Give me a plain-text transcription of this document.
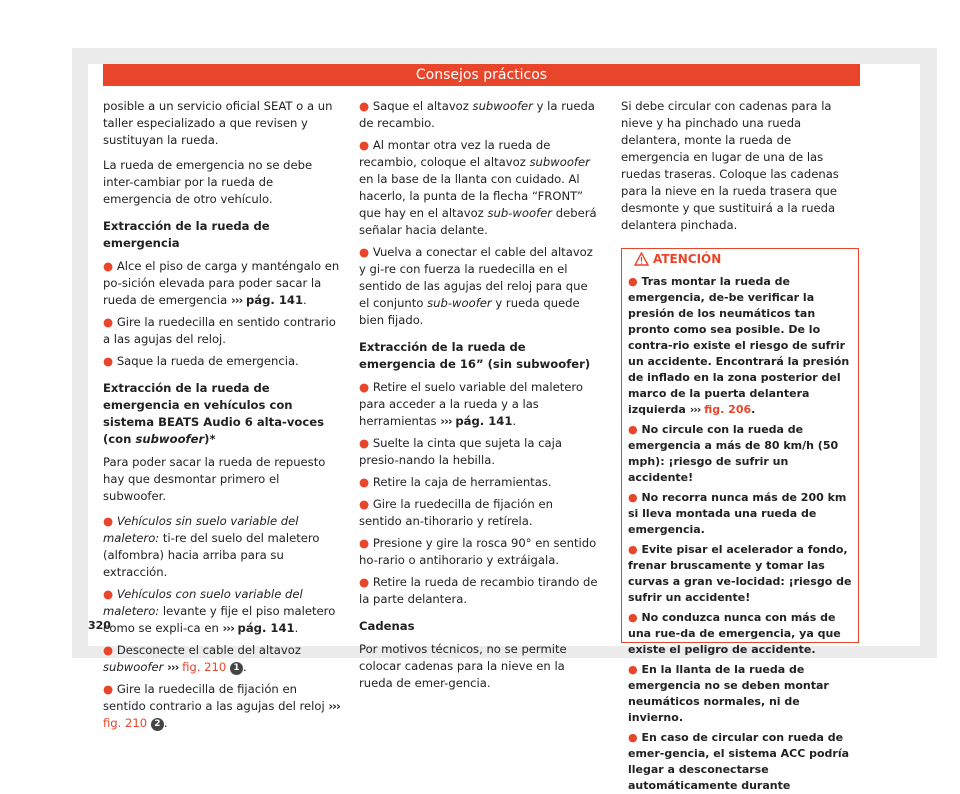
Consejos prácticos

posible a un servicio oficial SEAT o a un taller especializado a que revisen y sustituyan la rueda.

La rueda de emergencia no se debe inter-cambiar por la rueda de emergencia de otro vehículo.

Extracción de la rueda de emergencia

● Alce el piso de carga y manténgalo en po-sición elevada para poder sacar la rueda de emergencia ››› pág. 141.

● Gire la ruedecilla en sentido contrario a las agujas del reloj.

● Saque la rueda de emergencia.

Extracción de la rueda de emergencia en vehículos con sistema BEATS Audio 6 alta-voces (con subwoofer)*

Para poder sacar la rueda de repuesto hay que desmontar primero el subwoofer.

● Vehículos sin suelo variable del maletero: ti-re del suelo del maletero (alfombra) hacia arriba para su extracción.

● Vehículos con suelo variable del maletero: levante y fije el piso maletero como se expli-ca en ››› pág. 141.

● Desconecte el cable del altavoz subwoofer ››› fig. 210 1 .

● Gire la ruedecilla de fijación en sentido contrario a las agujas del reloj ››› fig. 210 2 .

● Saque el altavoz subwoofer y la rueda de recambio.

● Al montar otra vez la rueda de recambio, coloque el altavoz subwoofer en la base de la llanta con cuidado. Al hacerlo, la punta de la flecha “FRONT” que hay en el altavoz sub-woofer deberá señalar hacia delante.

● Vuelva a conectar el cable del altavoz y gi-re con fuerza la ruedecilla en el sentido de las agujas del reloj para que el conjunto sub-woofer y rueda quede bien fijado.

Extracción de la rueda de emergencia de 16” (sin subwoofer)

● Retire el suelo variable del maletero para acceder a la rueda y a las herramientas ››› pág. 141.

● Suelte la cinta que sujeta la caja presio-nando la hebilla.

● Retire la caja de herramientas.

● Gire la ruedecilla de fijación en sentido an-tihorario y retírela.

● Presione y gire la rosca 90° en sentido ho-rario o antihorario y extráigala.

● Retire la rueda de recambio tirando de la parte delantera.

Cadenas

Por motivos técnicos, no se permite colocar cadenas para la nieve en la rueda de emer-gencia.

Si debe circular con cadenas para la nieve y ha pinchado una rueda delantera, monte la rueda de emergencia en lugar de una de las ruedas traseras. Coloque las cadenas para la nieve en la rueda trasera que desmonte y que sustituirá a la rueda delantera pinchada.

ATENCIÓN

● Tras montar la rueda de emergencia, de-be verificar la presión de los neumáticos tan pronto como sea posible. De lo contra-rio existe el riesgo de sufrir un accidente. Encontrará la presión de inflado en la zona posterior del marco de la puerta delantera izquierda ››› fig. 206.

● No circule con la rueda de emergencia a más de 80 km/h (50 mph): ¡riesgo de sufrir un accidente!

● No recorra nunca más de 200 km si lleva montada una rueda de emergencia.

● Evite pisar el acelerador a fondo, frenar bruscamente y tomar las curvas a gran ve-locidad: ¡riesgo de sufrir un accidente!

● No conduzca nunca con más de una rue-da de emergencia, ya que existe el peligro de accidente.

● En la llanta de la rueda de emergencia no se deben montar neumáticos normales, ni de invierno.

● En caso de circular con rueda de emer-gencia, el sistema ACC podría llegar a desconectarse automáticamente durante

320
